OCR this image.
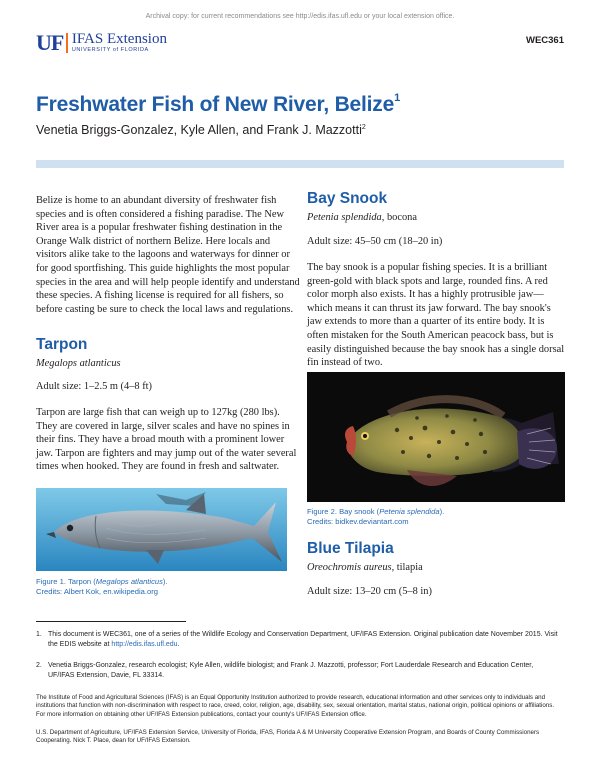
Archival copy: for current recommendations see http://edis.ifas.ufl.edu or your local extension office.
UF IFAS Extension
UNIVERSITY of FLORIDA
WEC361
Freshwater Fish of New River, Belize$^1$
Venetia Briggs-Gonzalez, Kyle Allen, and Frank J. Mazzotti$^2$
Belize is home to an abundant diversity of freshwater fish species and is often considered a fishing paradise. The New River area is a popular freshwater fishing destination in the Orange Walk district of northern Belize. Here locals and visitors alike take to the lagoons and waterways for dinner or for good sportfishing. This guide highlights the most popular species in the area and will help people identify and understand these species. A fishing license is required for all fishers, so before casting be sure to check the local laws and regulations.
Tarpon
Megalops atlanticus
Adult size: 1–2.5 m (4–8 ft)
Tarpon are large fish that can weigh up to 127kg (280 lbs). They are covered in large, silver scales and have no spines in their fins. They have a broad mouth with a prominent lower jaw. Tarpon are fighters and may jump out of the water several times when hooked. They are found in fresh and saltwater.
Figure 1. Tarpon (Megalops atlanticus).
Credits: Albert Kok, en.wikipedia.org
Bay Snook
Petenia splendida, bocona
Adult size: 45–50 cm (18–20 in)
The bay snook is a popular fishing species. It is a brilliant green-gold with black spots and large, rounded fins. A red color morph also exists. It has a highly protrusible jaw—which means it can thrust its jaw forward. The bay snook's jaw extends to more than a quarter of its entire body. It is often mistaken for the South American peacock bass, but is easily distinguished because the bay snook has a single dorsal fin instead of two.
Figure 2. Bay snook (Petenia splendida).
Credits: bidkev.deviantart.com
Blue Tilapia
Oreochromis aureus, tilapia
Adult size: 13–20 cm (5–8 in)
1. This document is WEC361, one of a series of the Wildlife Ecology and Conservation Department, UF/IFAS Extension. Original publication date November 2015. Visit the EDIS website at http://edis.ifas.ufl.edu.
2. Venetia Briggs-Gonzalez, research ecologist; Kyle Allen, wildlife biologist; and Frank J. Mazzotti, professor; Fort Lauderdale Research and Education Center, UF/IFAS Extension, Davie, FL 33314.
The Institute of Food and Agricultural Sciences (IFAS) is an Equal Opportunity Institution authorized to provide research, educational information and other services only to individuals and institutions that function with non-discrimination with respect to race, creed, color, religion, age, disability, sex, sexual orientation, marital status, national origin, political opinions or affiliations. For more information on obtaining other UF/IFAS Extension publications, contact your county's UF/IFAS Extension office.
U.S. Department of Agriculture, UF/IFAS Extension Service, University of Florida, IFAS, Florida A & M University Cooperative Extension Program, and Boards of County Commissioners Cooperating. Nick T. Place, dean for UF/IFAS Extension.
